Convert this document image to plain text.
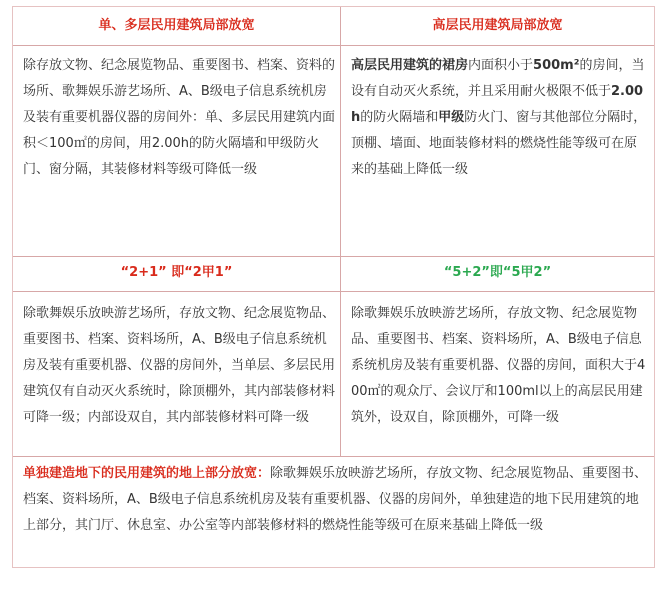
单、多层民用建筑局部放宽	高层民用建筑局部放宽
除存放文物、纪念展览物品、重要图书、档案、资料的场所、歌舞娱乐游艺场所、A、B级电子信息系统机房及装有重要机器仪器的房间外：单、多层民用建筑内面积＜100㎡的房间，用2.00h的防火隔墙和甲级防火门、窗分隔，其装修材料等级可降低一级
高层民用建筑的裙房内面积小于500m²的房间，当设有自动灭火系统，并且采用耐火极限不低于2.00h的防火隔墙和甲级防火门、窗与其他部位分隔时，顶棚、墙面、地面装修材料的燃烧性能等级可在原来的基础上降低一级
“2+1” 即“2甲1”	“5+2”即“5甲2”
除歌舞娱乐放映游艺场所，存放文物、纪念展览物品、重要图书、档案、资料场所，A、B级电子信息系统机房及装有重要机器、仪器的房间外，当单层、多层民用建筑仅有自动灭火系统时，除顶棚外，其内部装修材料可降一级；内部设双自，其内部装修材料可降一级
除歌舞娱乐放映游艺场所，存放文物、纪念展览物品、重要图书、档案、资料场所，A、B级电子信息系统机房及装有重要机器、仪器的房间，面积大于400㎡的观众厅、会议厅和100ml以上的高层民用建筑外，设双自，除顶棚外，可降一级
单独建造地下的民用建筑的地上部分放宽：除歌舞娱乐放映游艺场所，存放文物、纪念展览物品、重要图书、档案、资料场所，A、B级电子信息系统机房及装有重要机器、仪器的房间外，单独建造的地下民用建筑的地上部分，其门厅、休息室、办公室等内部装修材料的燃烧性能等级可在原来基础上降低一级
